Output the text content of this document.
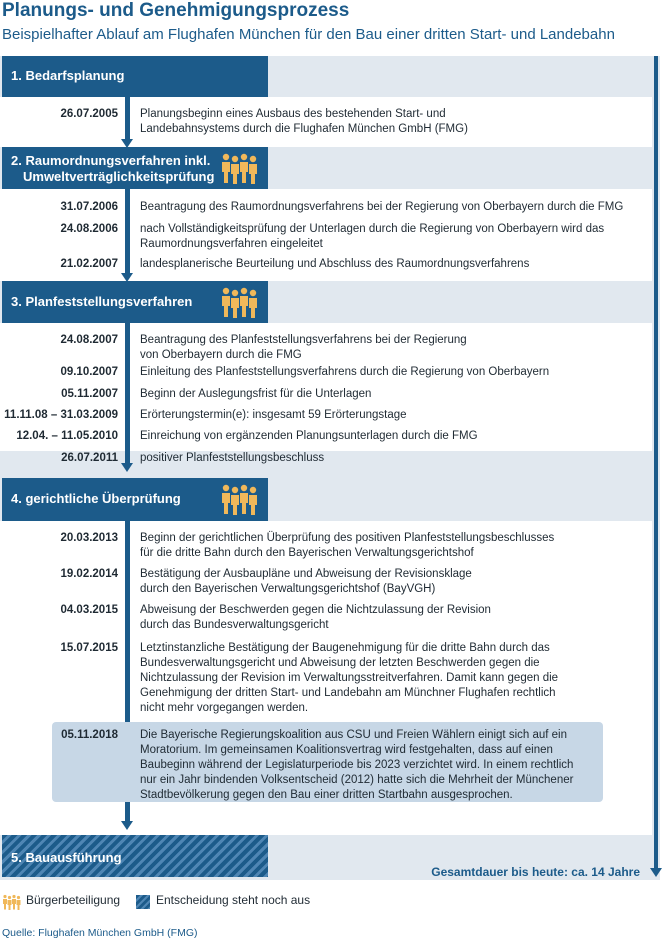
Planungs- und Genehmigungsprozess
Beispielhafter Ablauf am Flughafen München für den Bau einer dritten Start- und Landebahn
1. Bedarfsplanung
2. Raumordnungsverfahren inkl.
Umweltverträglichkeitsprüfung
3. Planfeststellungsverfahren
4. gerichtliche Überprüfung
5. Bauausführung
26.07.2005 Planungsbeginn eines Ausbaus des bestehenden Start- und
Landebahnsystems durch die Flughafen München GmbH (FMG)
31.07.2006 Beantragung des Raumordnungsverfahrens bei der Regierung von Oberbayern durch die FMG
24.08.2006 nach Vollständigkeitsprüfung der Unterlagen durch die Regierung von Oberbayern wird das
Raumordnungsverfahren eingeleitet
21.02.2007 landesplanerische Beurteilung und Abschluss des Raumordnungsverfahrens
24.08.2007 Beantragung des Planfeststellungsverfahrens bei der Regierung
von Oberbayern durch die FMG
09.10.2007 Einleitung des Planfeststellungsverfahrens durch die Regierung von Oberbayern
05.11.2007 Beginn der Auslegungsfrist für die Unterlagen
11.11.08 – 31.03.2009 Erörterungstermin(e): insgesamt 59 Erörterungstage
12.04. – 11.05.2010 Einreichung von ergänzenden Planungsunterlagen durch die FMG
26.07.2011 positiver Planfeststellungsbeschluss
20.03.2013 Beginn der gerichtlichen Überprüfung des positiven Planfeststellungsbeschlusses
für die dritte Bahn durch den Bayerischen Verwaltungsgerichtshof
19.02.2014 Bestätigung der Ausbaupläne und Abweisung der Revisionsklage
durch den Bayerischen Verwaltungsgerichtshof (BayVGH)
04.03.2015 Abweisung der Beschwerden gegen die Nichtzulassung der Revision
durch das Bundesverwaltungsgericht
15.07.2015 Letztinstanzliche Bestätigung der Baugenehmigung für die dritte Bahn durch das
Bundesverwaltungsgericht und Abweisung der letzten Beschwerden gegen die
Nichtzulassung der Revision im Verwaltungsstreitverfahren. Damit kann gegen die
Genehmigung der dritten Start- und Landebahn am Münchner Flughafen rechtlich
nicht mehr vorgegangen werden.
05.11.2018 Die Bayerische Regierungskoalition aus CSU und Freien Wählern einigt sich auf ein
Moratorium. Im gemeinsamen Koalitionsvertrag wird festgehalten, dass auf einen
Baubeginn während der Legislaturperiode bis 2023 verzichtet wird. In einem rechtlich
nur ein Jahr bindenden Volksentscheid (2012) hatte sich die Mehrheit der Münchener
Stadtbevölkerung gegen den Bau einer dritten Startbahn ausgesprochen.
Gesamtdauer bis heute: ca. 14 Jahre
Bürgerbeteiligung	Entscheidung steht noch aus
Quelle: Flughafen München GmbH (FMG)
